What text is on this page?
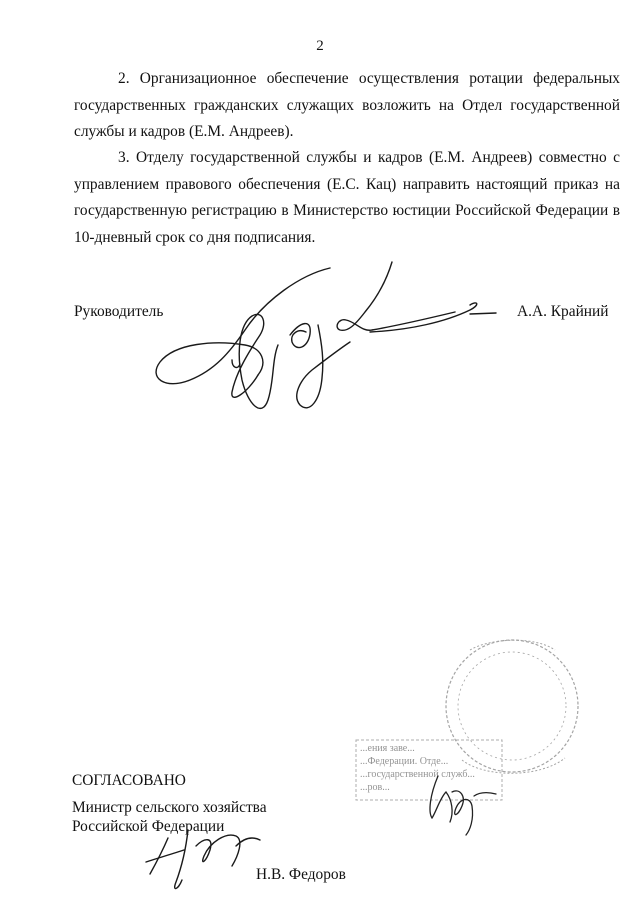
2
2. Организационное обеспечение осуществления ротации федеральных
государственных гражданских служащих возложить на Отдел государственной
службы и кадров (Е.М. Андреев).
3. Отделу государственной службы и кадров (Е.М. Андреев) совместно с
управлением правового обеспечения (Е.С. Кац) направить настоящий приказ на
государственную регистрацию в Министерство юстиции Российской Федерации в
10-дневный срок со дня подписания.
Руководитель	А.А. Крайний
...ения заве...
...Федерации. Отде...
...государственной служб...
...ров...
СОГЛАСОВАНО
Министр сельского хозяйства
Российской Федерации
Н.В. Федоров
